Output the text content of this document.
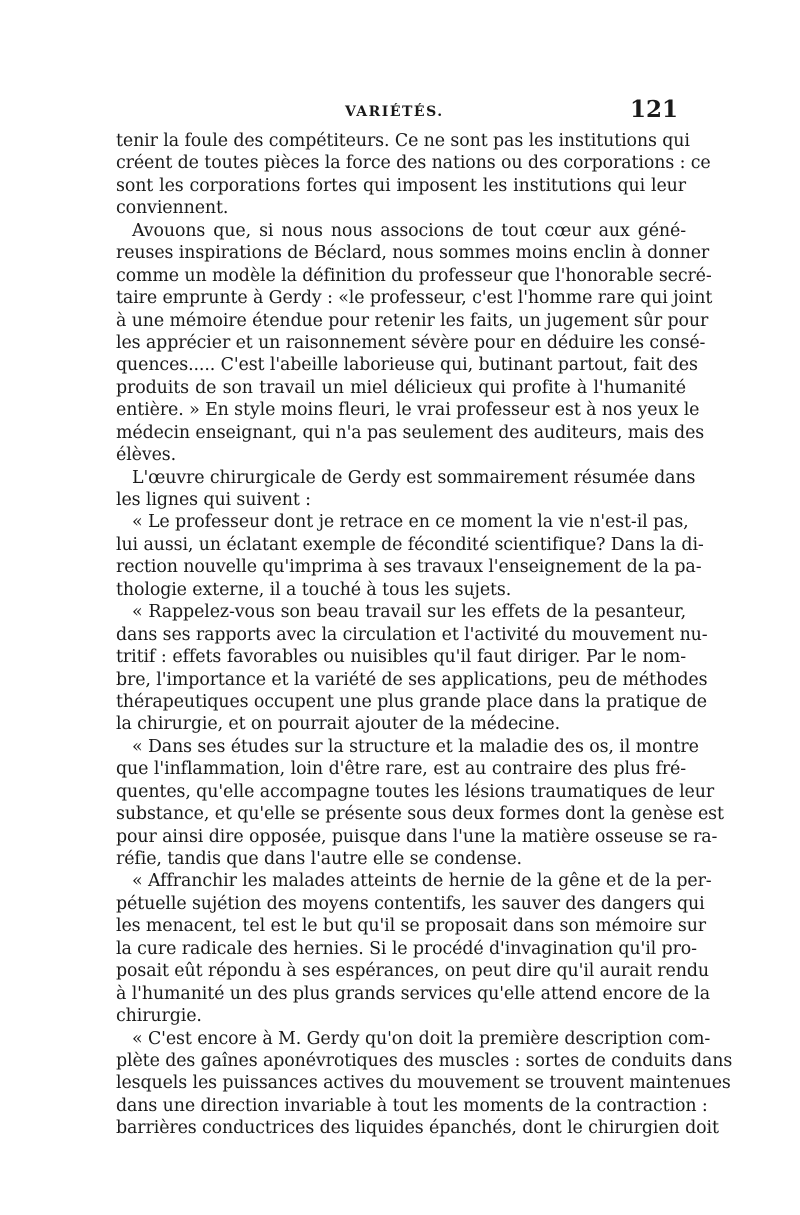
VARIÉTÉS.	121
tenir la foule des compétiteurs. Ce ne sont pas les institutions qui
créent de toutes pièces la force des nations ou des corporations : ce
sont les corporations fortes qui imposent les institutions qui leur
conviennent.
Avouons que, si nous nous associons de tout cœur aux géné-
reuses inspirations de Béclard, nous sommes moins enclin à donner
comme un modèle la définition du professeur que l'honorable secré-
taire emprunte à Gerdy : «le professeur, c'est l'homme rare qui joint
à une mémoire étendue pour retenir les faits, un jugement sûr pour
les apprécier et un raisonnement sévère pour en déduire les consé-
quences..... C'est l'abeille laborieuse qui, butinant partout, fait des
produits de son travail un miel délicieux qui profite à l'humanité
entière. » En style moins fleuri, le vrai professeur est à nos yeux le
médecin enseignant, qui n'a pas seulement des auditeurs, mais des
élèves.
L'œuvre chirurgicale de Gerdy est sommairement résumée dans
les lignes qui suivent :
« Le professeur dont je retrace en ce moment la vie n'est-il pas,
lui aussi, un éclatant exemple de fécondité scientifique? Dans la di-
rection nouvelle qu'imprima à ses travaux l'enseignement de la pa-
thologie externe, il a touché à tous les sujets.
« Rappelez-vous son beau travail sur les effets de la pesanteur,
dans ses rapports avec la circulation et l'activité du mouvement nu-
tritif : effets favorables ou nuisibles qu'il faut diriger. Par le nom-
bre, l'importance et la variété de ses applications, peu de méthodes
thérapeutiques occupent une plus grande place dans la pratique de
la chirurgie, et on pourrait ajouter de la médecine.
« Dans ses études sur la structure et la maladie des os, il montre
que l'inflammation, loin d'être rare, est au contraire des plus fré-
quentes, qu'elle accompagne toutes les lésions traumatiques de leur
substance, et qu'elle se présente sous deux formes dont la genèse est
pour ainsi dire opposée, puisque dans l'une la matière osseuse se ra-
réfie, tandis que dans l'autre elle se condense.
« Affranchir les malades atteints de hernie de la gêne et de la per-
pétuelle sujétion des moyens contentifs, les sauver des dangers qui
les menacent, tel est le but qu'il se proposait dans son mémoire sur
la cure radicale des hernies. Si le procédé d'invagination qu'il pro-
posait eût répondu à ses espérances, on peut dire qu'il aurait rendu
à l'humanité un des plus grands services qu'elle attend encore de la
chirurgie.
« C'est encore à M. Gerdy qu'on doit la première description com-
plète des gaînes aponévrotiques des muscles : sortes de conduits dans
lesquels les puissances actives du mouvement se trouvent maintenues
dans une direction invariable à tout les moments de la contraction :
barrières conductrices des liquides épanchés, dont le chirurgien doit
